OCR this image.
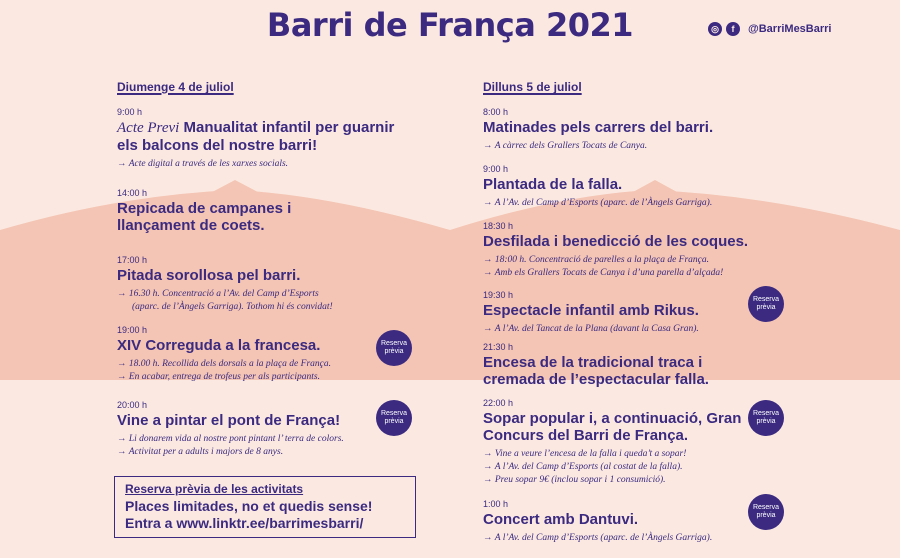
Barri de França 2021	◎	f	@BarriMesBarri

Diumenge 4 de juliol

9:00 h

Acte Previ Manualitat infantil per guarnir els balcons del nostre barri!

→ Acte digital a través de les xarxes socials.

14:00 h

Repicada de campanes i llançament de coets.

17:00 h

Pitada sorollosa pel barri.

→ 16.30 h. Concentració a l’Av. del Camp d’Esports

(aparc. de l’Àngels Garriga). Tothom hi és convidat!

19:00 h

XIV Correguda a la francesa.

→ 18.00 h. Recollida dels dorsals a la plaça de França.

→ En acabar, entrega de trofeus per als participants.

Reserva
prèvia

20:00 h

Vine a pintar el pont de França!

→ Li donarem vida al nostre pont pintant l’ terra de colors.

→ Activitat per a adults i majors de 8 anys.

Reserva
prèvia

Reserva prèvia de les activitats

Places limitades, no et quedis sense!

Entra a www.linktr.ee/barrimesbarri/

Dilluns 5 de juliol

8:00 h

Matinades pels carrers del barri.

→ A càrrec dels Grallers Tocats de Canya.

9:00 h

Plantada de la falla.

→ A l’Av. del Camp d’Esports (aparc. de l’Àngels Garriga).

18:30 h

Desfilada i benedicció de les coques.

→ 18:00 h. Concentració de parelles a la plaça de França.

→ Amb els Grallers Tocats de Canya i d’una parella d’alçada!

19:30 h

Espectacle infantil amb Rikus.

→ A l’Av. del Tancat de la Plana (davant la Casa Gran).

Reserva
prèvia

21:30 h

Encesa de la tradicional traca i cremada de l’espectacular falla.

22:00 h

Sopar popular i, a continuació, Gran Concurs del Barri de França.

→ Vine a veure l’encesa de la falla i queda’t a sopar!

→ A l’Av. del Camp d’Esports (al costat de la falla).

→ Preu sopar 9€ (inclou sopar i 1 consumició).

Reserva
prèvia

1:00 h

Concert amb Dantuvi.

→ A l’Av. del Camp d’Esports (aparc. de l’Àngels Garriga).

Reserva
prèvia
